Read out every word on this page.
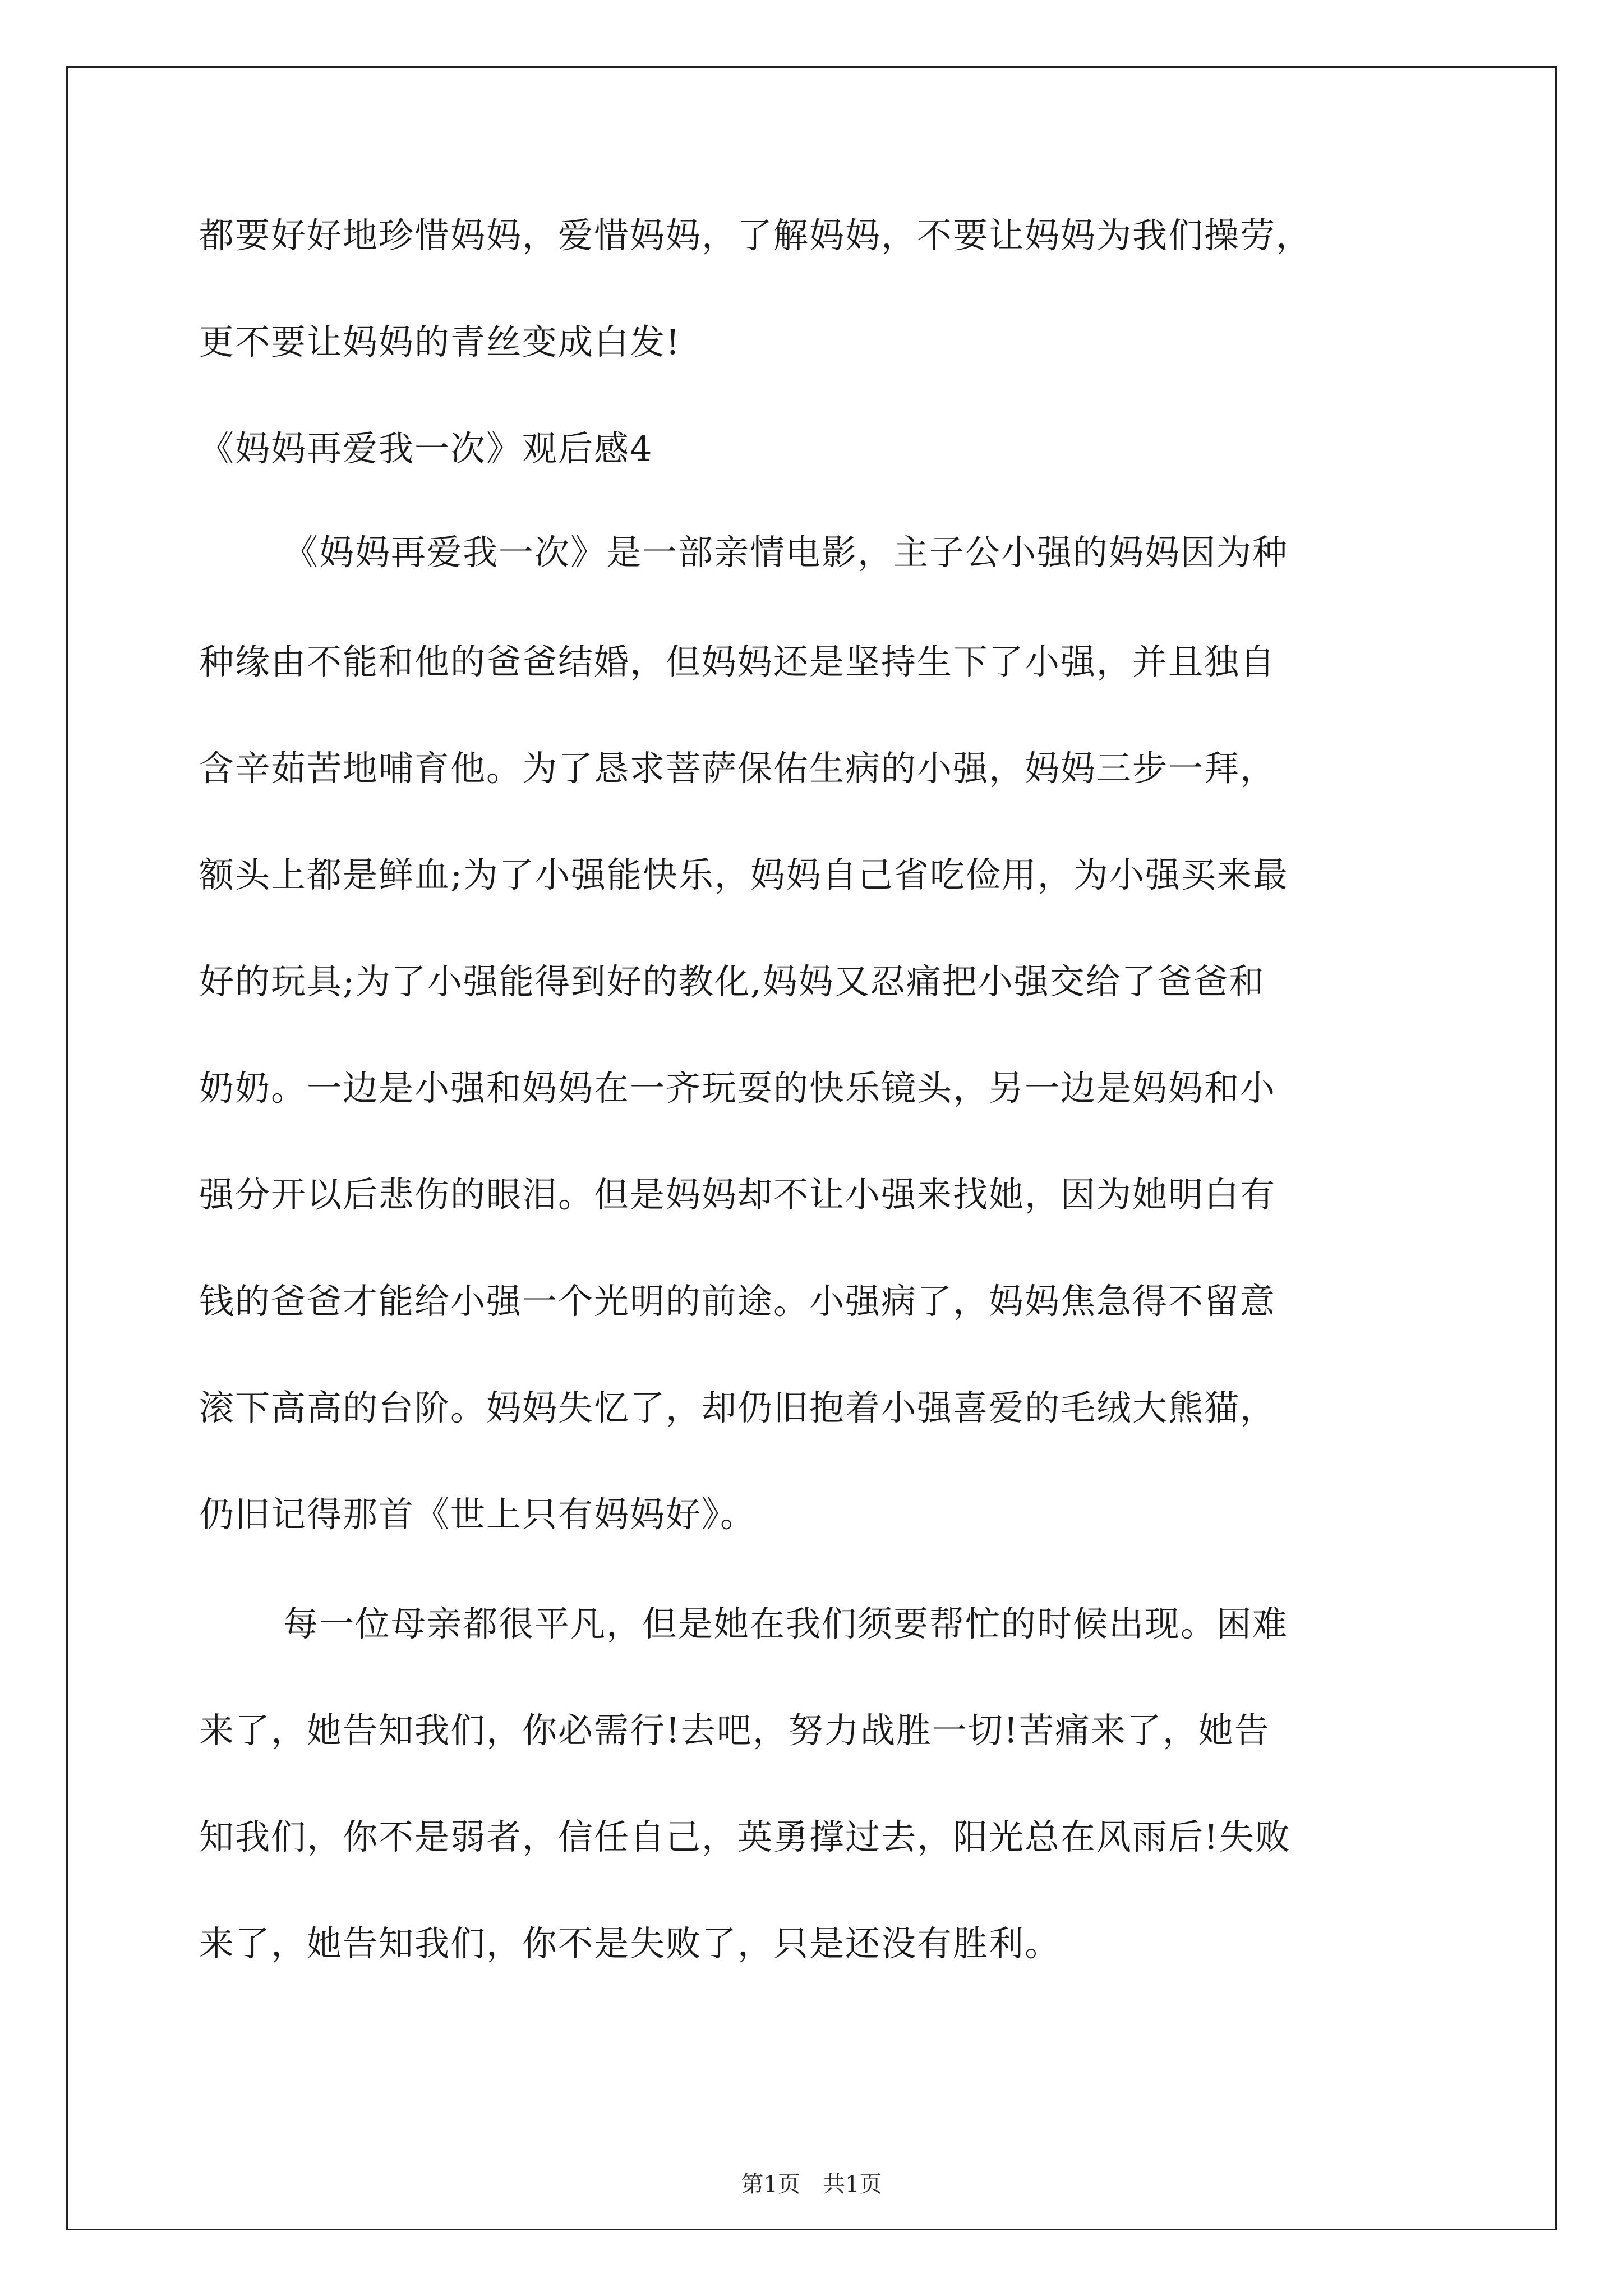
都要好好地珍惜妈妈，爱惜妈妈，了解妈妈，不要让妈妈为我们操劳，
更不要让妈妈的青丝变成白发!
《妈妈再爱我一次》观后感4
《妈妈再爱我一次》是一部亲情电影，主子公小强的妈妈因为种
种缘由不能和他的爸爸结婚，但妈妈还是坚持生下了小强，并且独自
含辛茹苦地哺育他。为了恳求菩萨保佑生病的小强，妈妈三步一拜，
额头上都是鲜血;为了小强能快乐，妈妈自己省吃俭用，为小强买来最
好的玩具;为了小强能得到好的教化,妈妈又忍痛把小强交给了爸爸和
奶奶。一边是小强和妈妈在一齐玩耍的快乐镜头，另一边是妈妈和小
强分开以后悲伤的眼泪。但是妈妈却不让小强来找她，因为她明白有
钱的爸爸才能给小强一个光明的前途。小强病了，妈妈焦急得不留意
滚下高高的台阶。妈妈失忆了，却仍旧抱着小强喜爱的毛绒大熊猫，
仍旧记得那首《世上只有妈妈好》。
每一位母亲都很平凡，但是她在我们须要帮忙的时候出现。困难
来了，她告知我们，你必需行!去吧，努力战胜一切!苦痛来了，她告
知我们，你不是弱者，信任自己，英勇撑过去，阳光总在风雨后!失败
来了，她告知我们，你不是失败了，只是还没有胜利。
第1页　共1页
